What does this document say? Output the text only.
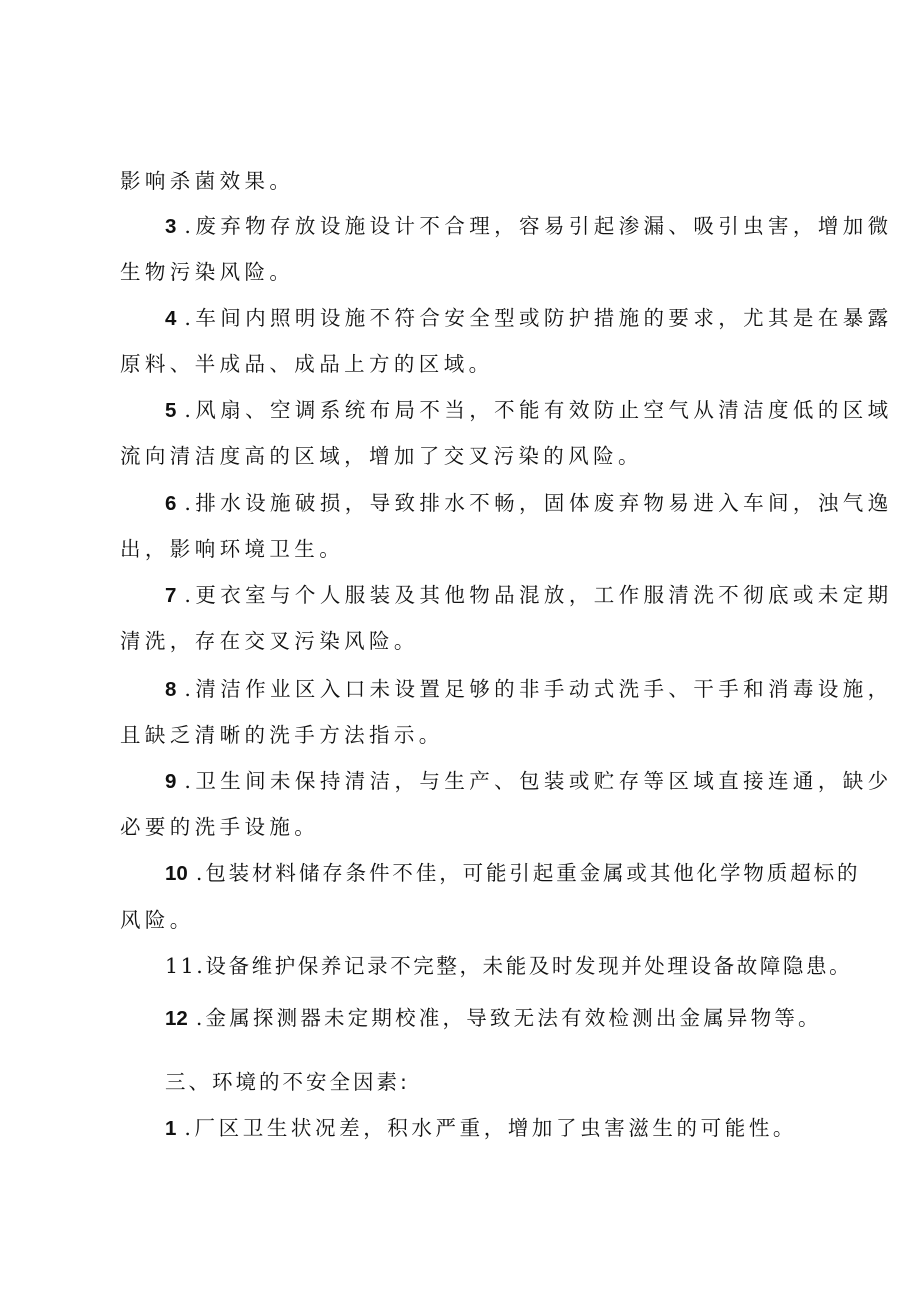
影响杀菌效果。
3 .废弃物存放设施设计不合理，容易引起渗漏、吸引虫害，增加微
生物污染风险。
4 .车间内照明设施不符合安全型或防护措施的要求，尤其是在暴露
原料、半成品、成品上方的区域。
5 .风扇、空调系统布局不当，不能有效防止空气从清洁度低的区域
流向清洁度高的区域，增加了交叉污染的风险。
6 .排水设施破损，导致排水不畅，固体废弃物易进入车间，浊气逸
出，影响环境卫生。
7 .更衣室与个人服装及其他物品混放，工作服清洗不彻底或未定期
清洗，存在交叉污染风险。
8 .清洁作业区入口未设置足够的非手动式洗手、干手和消毒设施，
且缺乏清晰的洗手方法指示。
9 .卫生间未保持清洁，与生产、包装或贮存等区域直接连通，缺少
必要的洗手设施。
10 .包装材料储存条件不佳，可能引起重金属或其他化学物质超标的
风险。
11.设备维护保养记录不完整，未能及时发现并处理设备故障隐患。
12 .金属探测器未定期校准，导致无法有效检测出金属异物等。
三、环境的不安全因素:
1 .厂区卫生状况差，积水严重，增加了虫害滋生的可能性。
